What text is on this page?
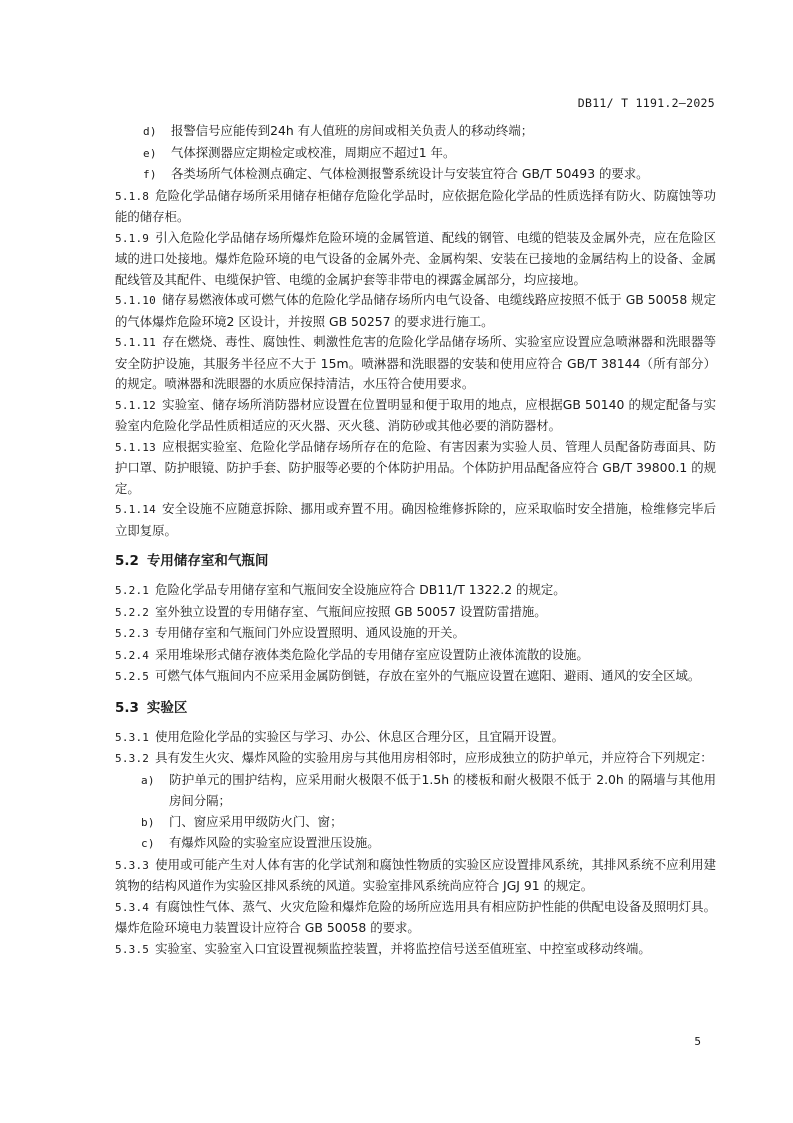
DB11/ T 1191.2—2025

d) 报警信号应能传到24h 有人值班的房间或相关负责人的移动终端；

e) 气体探测器应定期检定或校准，周期应不超过1 年。

f) 各类场所气体检测点确定、气体检测报警系统设计与安装宜符合 GB/T 50493 的要求。

5.1.8 危险化学品储存场所采用储存柜储存危险化学品时，应依据危险化学品的性质选择有防火、防腐蚀等功能的储存柜。

5.1.9 引入危险化学品储存场所爆炸危险环境的金属管道、配线的钢管、电缆的铠装及金属外壳，应在危险区域的进口处接地。爆炸危险环境的电气设备的金属外壳、金属构架、安装在已接地的金属结构上的设备、金属配线管及其配件、电缆保护管、电缆的金属护套等非带电的裸露金属部分，均应接地。

5.1.10 储存易燃液体或可燃气体的危险化学品储存场所内电气设备、电缆线路应按照不低于 GB 50058 规定的气体爆炸危险环境2 区设计，并按照 GB 50257 的要求进行施工。

5.1.11 存在燃烧、毒性、腐蚀性、刺激性危害的危险化学品储存场所、实验室应设置应急喷淋器和洗眼器等安全防护设施，其服务半径应不大于 15m。喷淋器和洗眼器的安装和使用应符合 GB/T 38144（所有部分）的规定。喷淋器和洗眼器的水质应保持清洁，水压符合使用要求。

5.1.12 实验室、储存场所消防器材应设置在位置明显和便于取用的地点，应根据GB 50140 的规定配备与实验室内危险化学品性质相适应的灭火器、灭火毯、消防砂或其他必要的消防器材。

5.1.13 应根据实验室、危险化学品储存场所存在的危险、有害因素为实验人员、管理人员配备防毒面具、防护口罩、防护眼镜、防护手套、防护服等必要的个体防护用品。个体防护用品配备应符合 GB/T 39800.1 的规定。

5.1.14 安全设施不应随意拆除、挪用或弃置不用。确因检维修拆除的，应采取临时安全措施，检维修完毕后立即复原。

5.2 专用储存室和气瓶间

5.2.1 危险化学品专用储存室和气瓶间安全设施应符合 DB11/T 1322.2 的规定。

5.2.2 室外独立设置的专用储存室、气瓶间应按照 GB 50057 设置防雷措施。

5.2.3 专用储存室和气瓶间门外应设置照明、通风设施的开关。

5.2.4 采用堆垛形式储存液体类危险化学品的专用储存室应设置防止液体流散的设施。

5.2.5 可燃气体气瓶间内不应采用金属防倒链，存放在室外的气瓶应设置在遮阳、避雨、通风的安全区域。

5.3 实验区

5.3.1 使用危险化学品的实验区与学习、办公、休息区合理分区，且宜隔开设置。

5.3.2 具有发生火灾、爆炸风险的实验用房与其他用房相邻时，应形成独立的防护单元，并应符合下列规定：

a) 防护单元的围护结构，应采用耐火极限不低于1.5h 的楼板和耐火极限不低于 2.0h 的隔墙与其他用房间分隔；

b) 门、窗应采用甲级防火门、窗；

c) 有爆炸风险的实验室应设置泄压设施。

5.3.3 使用或可能产生对人体有害的化学试剂和腐蚀性物质的实验区应设置排风系统，其排风系统不应利用建筑物的结构风道作为实验区排风系统的风道。实验室排风系统尚应符合 JGJ 91 的规定。

5.3.4 有腐蚀性气体、蒸气、火灾危险和爆炸危险的场所应选用具有相应防护性能的供配电设备及照明灯具。爆炸危险环境电力装置设计应符合 GB 50058 的要求。

5.3.5 实验室、实验室入口宜设置视频监控装置，并将监控信号送至值班室、中控室或移动终端。

5
